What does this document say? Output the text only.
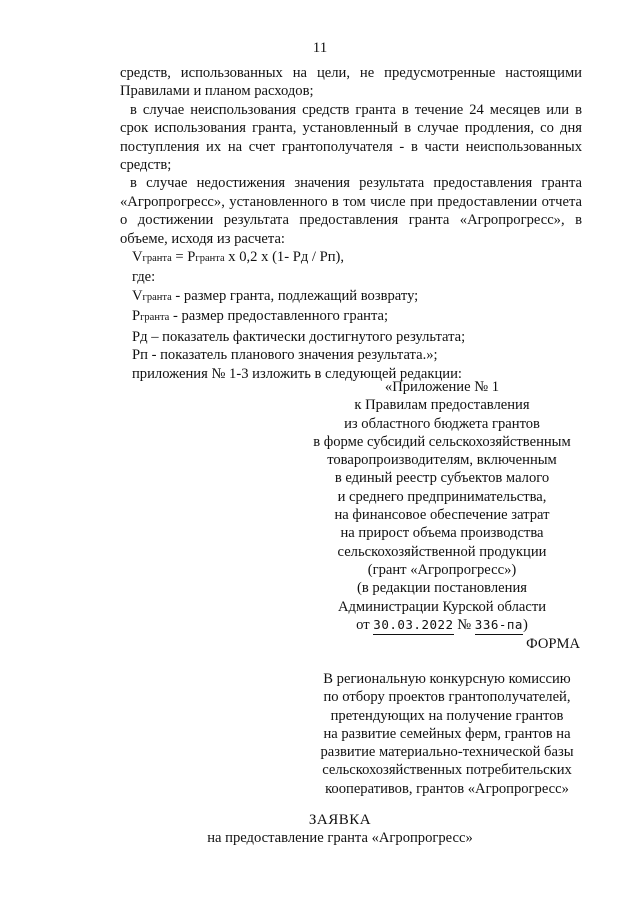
11

средств, использованных на цели, не предусмотренные настоящими Правилами и планом расходов;

в случае неиспользования средств гранта в течение 24 месяцев или в срок использования гранта, установленный в случае продления, со дня поступления их на счет грантополучателя - в части неиспользованных средств;

в случае недостижения значения результата предоставления гранта «Агропрогресс», установленного в том числе при предоставлении отчета о достижении результата предоставления гранта «Агропрогресс», в объеме, исходя из расчета:

Vгранта = Pгранта x 0,2 x (1- Pд / Pп),

где:

Vгранта - размер гранта, подлежащий возврату;

Pгранта - размер предоставленного гранта;

Pд – показатель фактически достигнутого результата;

Pп - показатель планового значения результата.»;

приложения № 1-3 изложить в следующей редакции:

«Приложение № 1
к Правилам предоставления
из областного бюджета грантов
в форме субсидий сельскохозяйственным
товаропроизводителям, включенным
в единый реестр субъектов малого
и среднего предпринимательства,
на финансовое обеспечение затрат
на прирост объема производства
сельскохозяйственной продукции
(грант «Агропрогресс»)
(в редакции постановления
Администрации Курской области
от 30.03.2022 № 336-па)
ФОРМА
В региональную конкурсную комиссию
по отбору проектов грантополучателей,
претендующих на получение грантов
на развитие семейных ферм, грантов на
развитие материально-технической базы
сельскохозяйственных потребительских
кооперативов, грантов «Агропрогресс»
ЗАЯВКА
на предоставление гранта «Агропрогресс»
